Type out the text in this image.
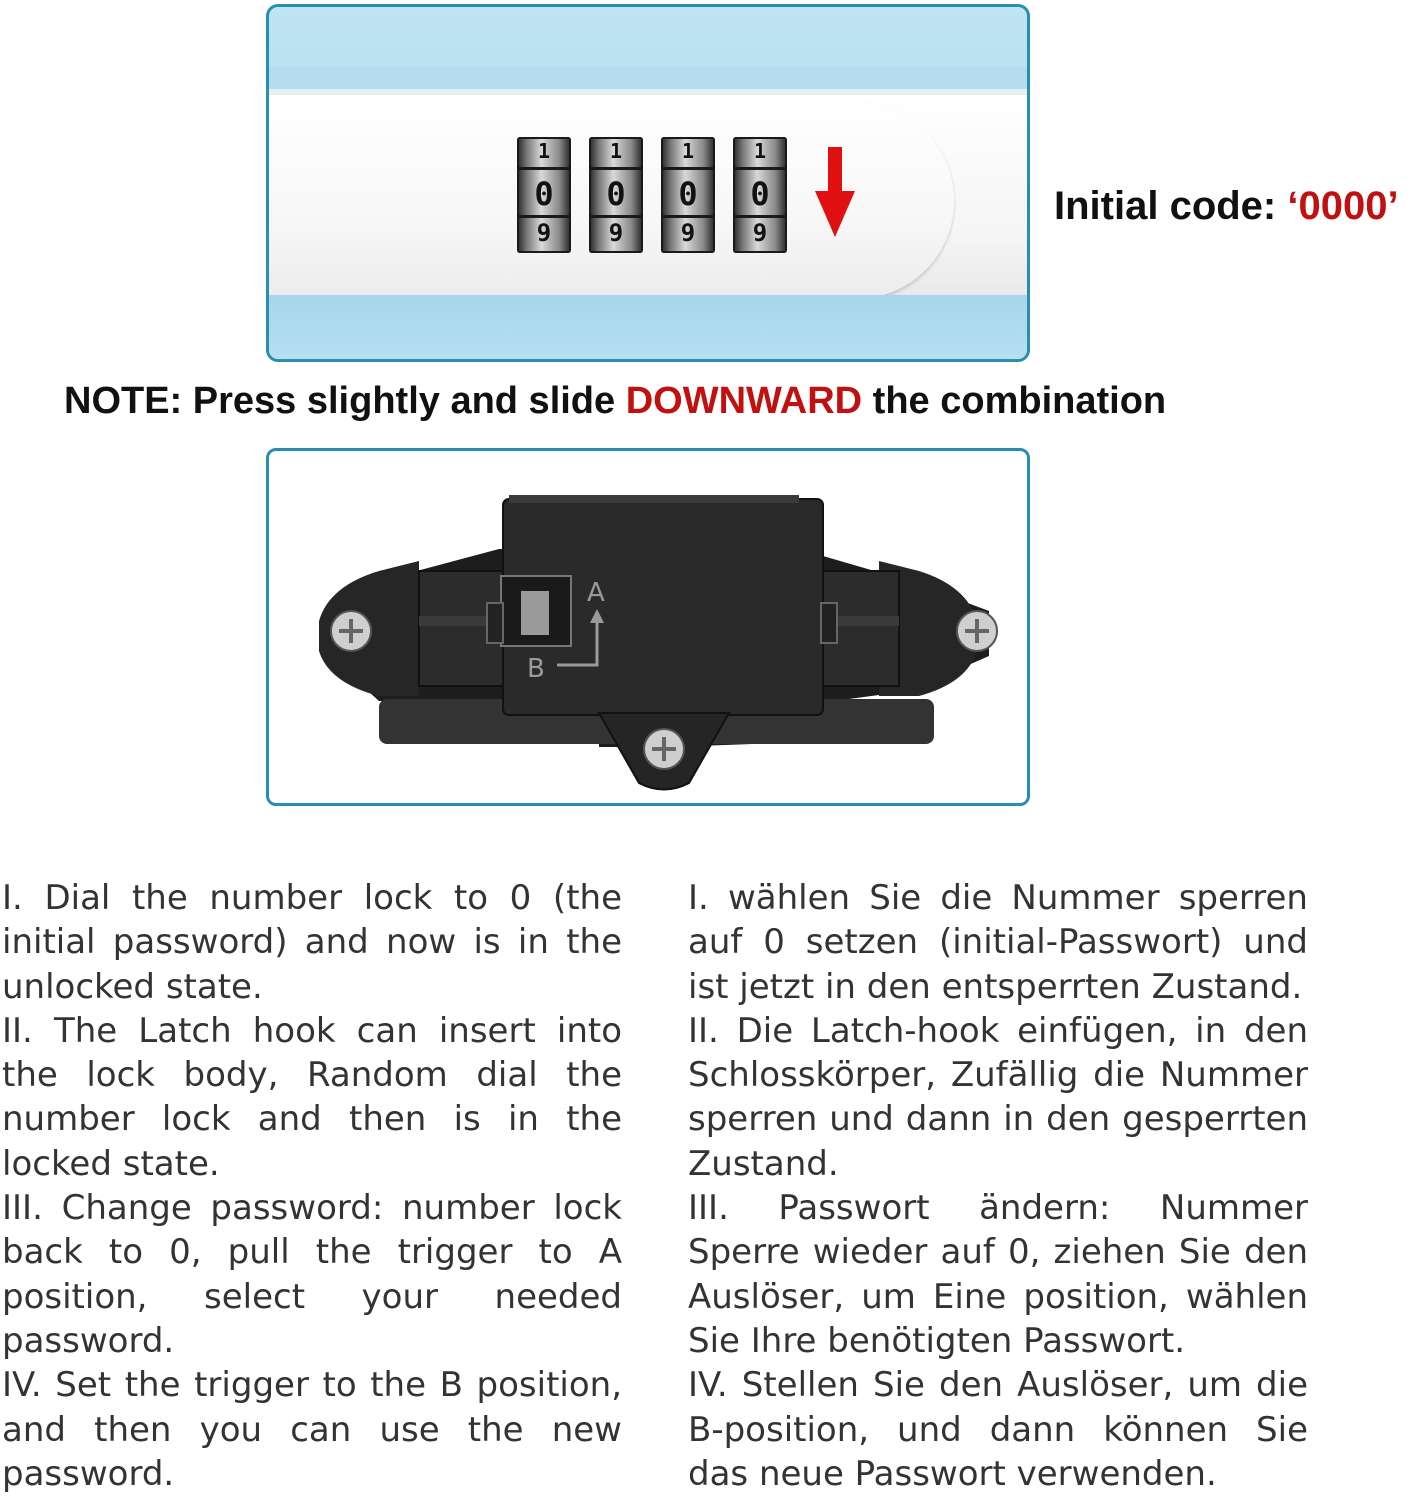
1
0
9
1
0
9
1
0
9
1
0
9
Initial code: ‘0000’
NOTE: Press slightly and slide DOWNWARD the combination
A
B

I. Dial the number lock to 0 (the initial password) and now is in the unlocked state.

II. The Latch hook can insert into the lock body, Random dial the number lock and then is in the locked state.

III. Change password: number lock back to 0, pull the trigger to A position, select your needed password.

IV. Set the trigger to the B position, and then you can use the new password.

I. wählen Sie die Nummer sperren auf 0 setzen (initial-Passwort) und ist jetzt in den entsperrten Zustand.

II. Die Latch-hook einfügen, in den Schlosskörper, Zufällig die Nummer sperren und dann in den gesperrten Zustand.

III. Passwort ändern: Nummer Sperre wieder auf 0, ziehen Sie den Auslöser, um Eine position, wählen Sie Ihre benötigten Passwort.

IV. Stellen Sie den Auslöser, um die B-position, und dann können Sie das neue Passwort verwenden.
